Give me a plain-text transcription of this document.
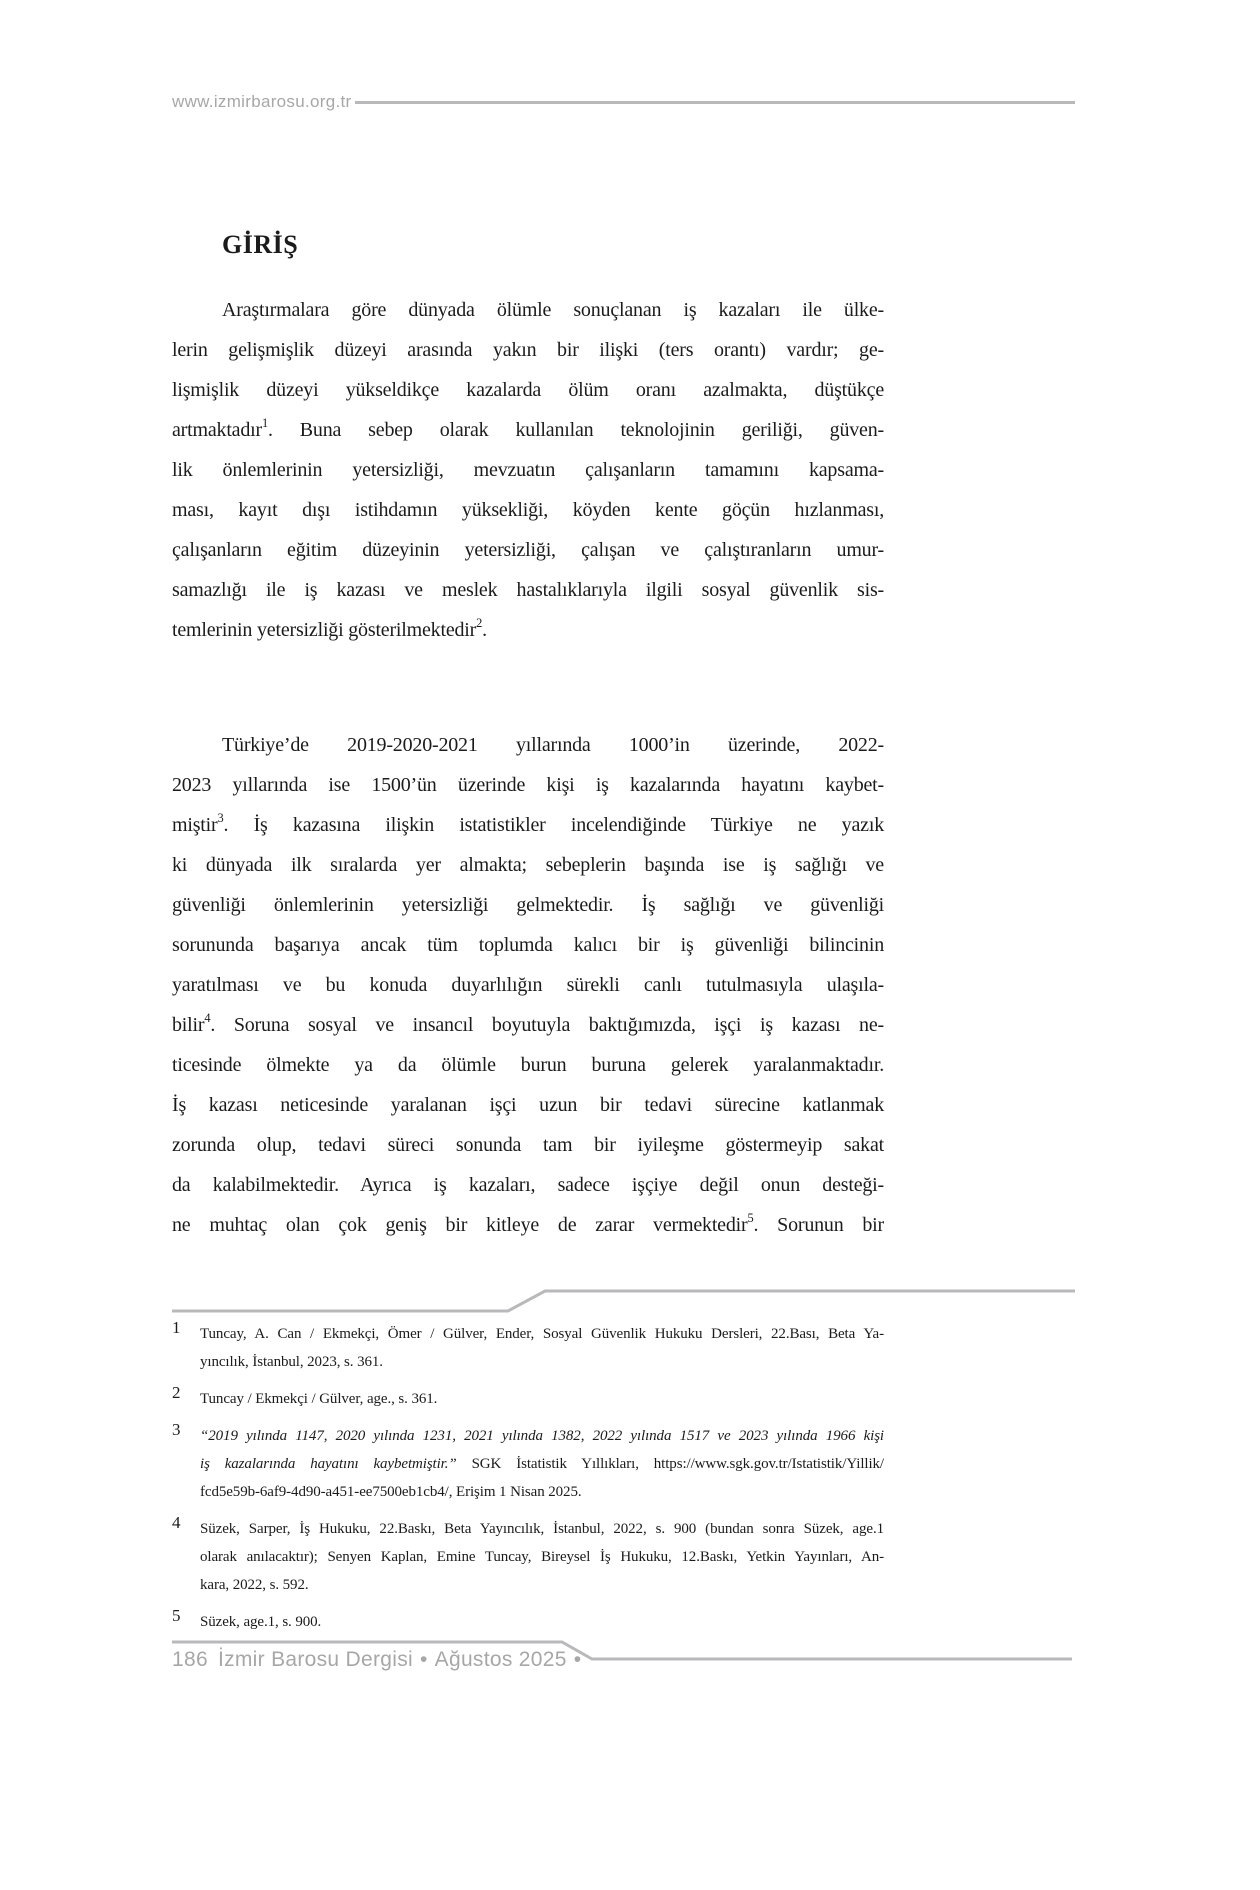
www.izmirbarosu.org.tr
GİRİŞ
Araştırmalara göre dünyada ölümle sonuçlanan iş kazaları ile ülke-
lerin gelişmişlik düzeyi arasında yakın bir ilişki (ters orantı) vardır; ge-
lişmişlik düzeyi yükseldikçe kazalarda ölüm oranı azalmakta, düştükçe
artmaktadır$^1$. Buna sebep olarak kullanılan teknolojinin geriliği, güven-
lik önlemlerinin yetersizliği, mevzuatın çalışanların tamamını kapsama-
ması, kayıt dışı istihdamın yüksekliği, köyden kente göçün hızlanması,
çalışanların eğitim düzeyinin yetersizliği, çalışan ve çalıştıranların umur-
samazlığı ile iş kazası ve meslek hastalıklarıyla ilgili sosyal güvenlik sis-
temlerinin yetersizliği gösterilmektedir$^2$.
Türkiye’de 2019-2020-2021 yıllarında 1000’in üzerinde, 2022-
2023 yıllarında ise 1500’ün üzerinde kişi iş kazalarında hayatını kaybet-
miştir$^3$. İş kazasına ilişkin istatistikler incelendiğinde Türkiye ne yazık
ki dünyada ilk sıralarda yer almakta; sebeplerin başında ise iş sağlığı ve
güvenliği önlemlerinin yetersizliği gelmektedir. İş sağlığı ve güvenliği
sorununda başarıya ancak tüm toplumda kalıcı bir iş güvenliği bilincinin
yaratılması ve bu konuda duyarlılığın sürekli canlı tutulmasıyla ulaşıla-
bilir$^4$. Soruna sosyal ve insancıl boyutuyla baktığımızda, işçi iş kazası ne-
ticesinde ölmekte ya da ölümle burun buruna gelerek yaralanmaktadır.
İş kazası neticesinde yaralanan işçi uzun bir tedavi sürecine katlanmak
zorunda olup, tedavi süreci sonunda tam bir iyileşme göstermeyip sakat
da kalabilmektedir. Ayrıca iş kazaları, sadece işçiye değil onun desteği-
ne muhtaç olan çok geniş bir kitleye de zarar vermektedir$^5$. Sorunun bir
1	Tuncay, A. Can / Ekmekçi, Ömer / Gülver, Ender, Sosyal Güvenlik Hukuku Dersleri, 22.Bası, Beta Ya-
yıncılık, İstanbul, 2023, s. 361.
2	Tuncay / Ekmekçi / Gülver, age., s. 361.
3	“2019 yılında 1147, 2020 yılında 1231, 2021 yılında 1382, 2022 yılında 1517 ve 2023 yılında 1966 kişi
iş kazalarında hayatını kaybetmiştir.” SGK İstatistik Yıllıkları, https://www.sgk.gov.tr/Istatistik/Yillik/
fcd5e59b-6af9-4d90-a451-ee7500eb1cb4/, Erişim 1 Nisan 2025.
4	Süzek, Sarper, İş Hukuku, 22.Baskı, Beta Yayıncılık, İstanbul, 2022, s. 900 (bundan sonra Süzek, age.1
olarak anılacaktır); Senyen Kaplan, Emine Tuncay, Bireysel İş Hukuku, 12.Baskı, Yetkin Yayınları, An-
kara, 2022, s. 592.
5	Süzek, age.1, s. 900.
186 İzmir Barosu Dergisi • Ağustos 2025 •
